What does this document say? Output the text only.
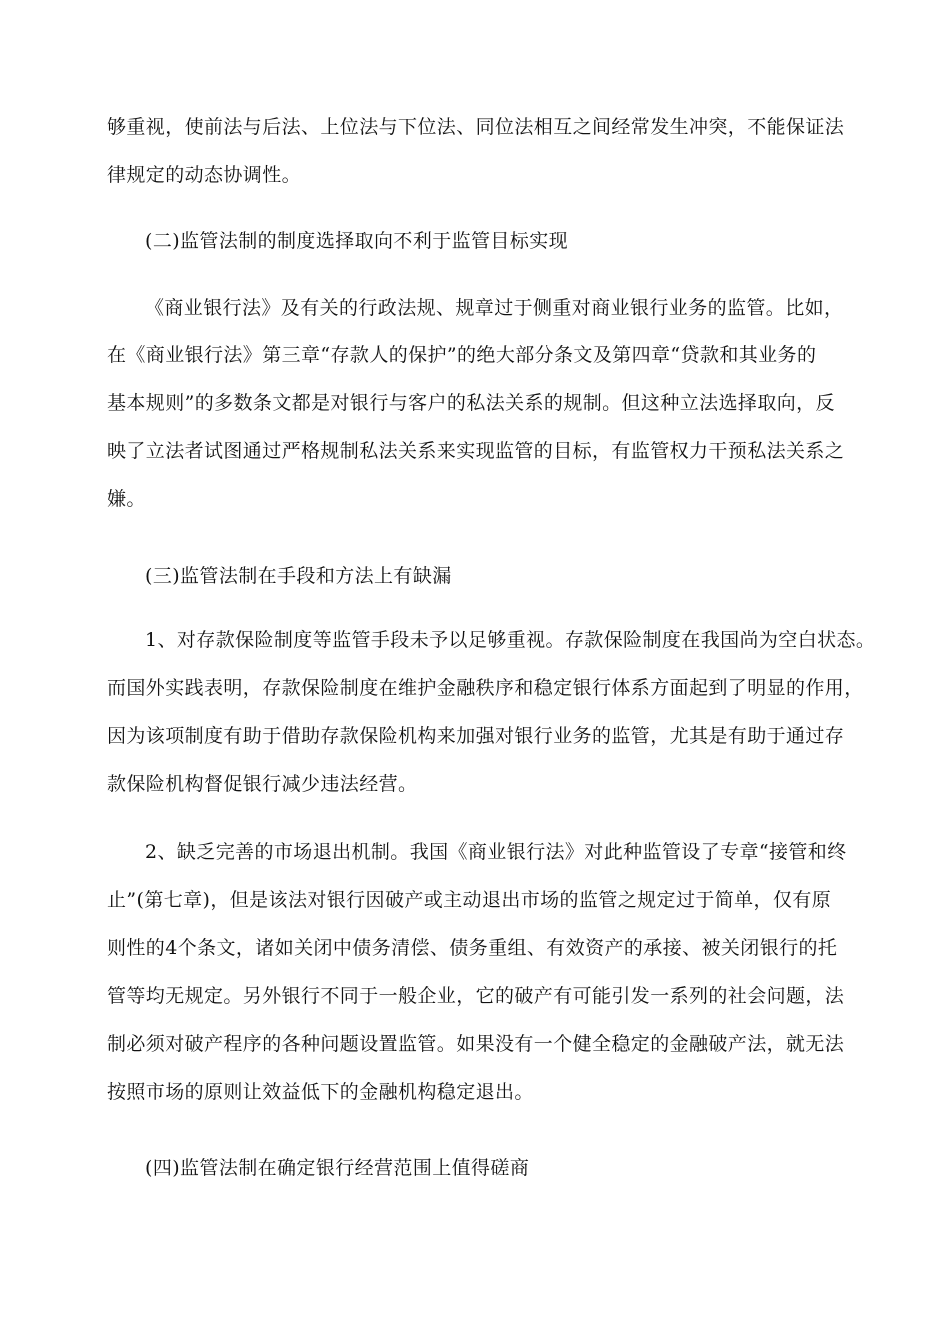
够重视，使前法与后法、上位法与下位法、同位法相互之间经常发生冲突，不能保证法
律规定的动态协调性。
(二)监管法制的制度选择取向不利于监管目标实现
《商业银行法》及有关的行政法规、规章过于侧重对商业银行业务的监管。比如，
在《商业银行法》第三章“存款人的保护”的绝大部分条文及第四章“贷款和其业务的
基本规则”的多数条文都是对银行与客户的私法关系的规制。但这种立法选择取向，反
映了立法者试图通过严格规制私法关系来实现监管的目标，有监管权力干预私法关系之
嫌。
(三)监管法制在手段和方法上有缺漏
1、对存款保险制度等监管手段未予以足够重视。存款保险制度在我国尚为空白状态。
而国外实践表明，存款保险制度在维护金融秩序和稳定银行体系方面起到了明显的作用，
因为该项制度有助于借助存款保险机构来加强对银行业务的监管，尤其是有助于通过存
款保险机构督促银行减少违法经营。
2、缺乏完善的市场退出机制。我国《商业银行法》对此种监管设了专章“接管和终
止”(第七章)，但是该法对银行因破产或主动退出市场的监管之规定过于简单，仅有原
则性的4个条文，诸如关闭中债务清偿、债务重组、有效资产的承接、被关闭银行的托
管等均无规定。另外银行不同于一般企业，它的破产有可能引发一系列的社会问题，法
制必须对破产程序的各种问题设置监管。如果没有一个健全稳定的金融破产法，就无法
按照市场的原则让效益低下的金融机构稳定退出。
(四)监管法制在确定银行经营范围上值得磋商
